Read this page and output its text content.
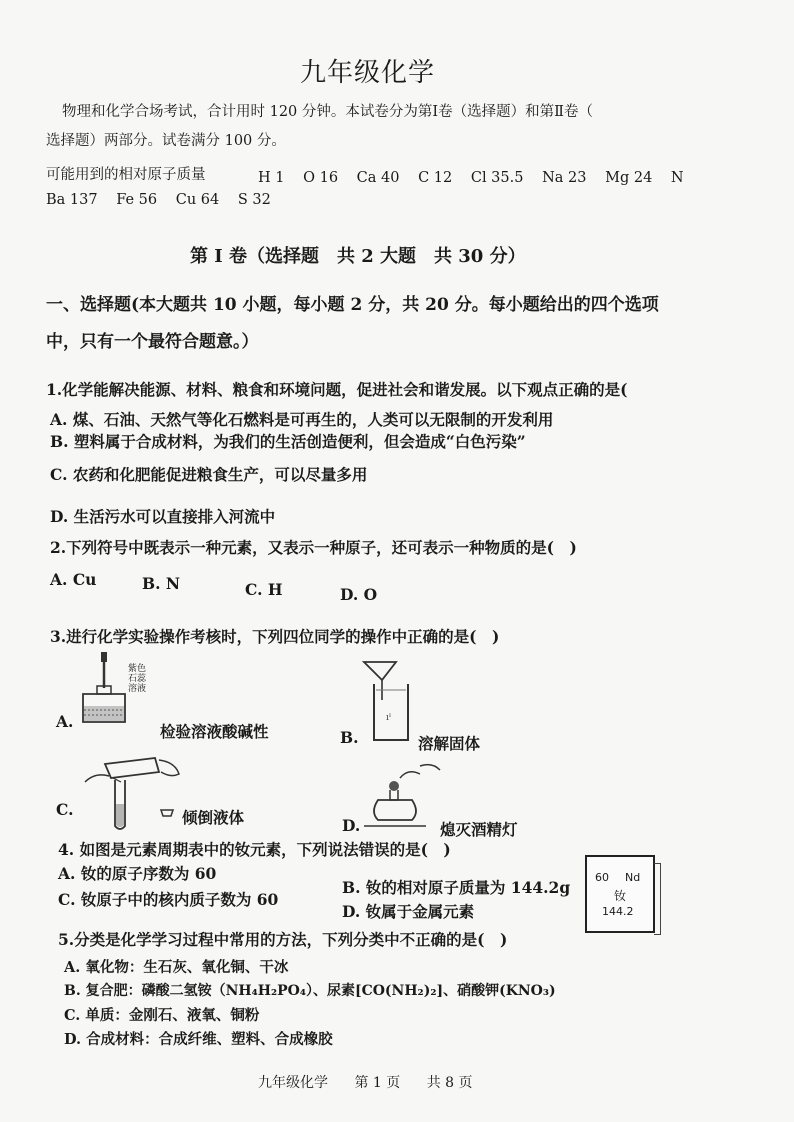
九年级化学
物理和化学合场考试，合计用时 120 分钟。本试卷分为第Ⅰ卷（选择题）和第Ⅱ卷（
选择题）两部分。试卷满分 100 分。
可能用到的相对原子质量	H 1 O 16 Ca 40 C 12 Cl 35.5 Na 23 Mg 24 N
Ba 137 Fe 56 Cu 64 S 32
第 Ⅰ 卷（选择题　共 2 大题　共 30 分）
一、选择题(本大题共 10 小题，每小题 2 分，共 20 分。每小题给出的四个选项
中，只有一个最符合题意。）
1.化学能解决能源、材料、粮食和环境问题，促进社会和谐发展。以下观点正确的是(
A. 煤、石油、天然气等化石燃料是可再生的，人类可以无限制的开发利用
B. 塑料属于合成材料，为我们的生活创造便利，但会造成“白色污染”
C. 农药和化肥能促进粮食生产，可以尽量多用
D. 生活污水可以直接排入河流中
2.下列符号中既表示一种元素，又表示一种原子，还可表示一种物质的是(　)
A. Cu	B. N	C. H	D. O
3.进行化学实验操作考核时，下列四位同学的操作中正确的是(　)
紫色
石蕊
溶液
A.
检验溶液酸碱性
ıᴵ
B.	溶解固体
C.	倾倒液体	D.	熄灭酒精灯
4. 如图是元素周期表中的钕元素，下列说法错误的是(　)
A. 钕的原子序数为 60
B. 钕的相对原子质量为 144.2g
C. 钕原子中的核内质子数为 60
D. 钕属于金属元素
60 Nd
钕
144.2
5.分类是化学学习过程中常用的方法，下列分类中不正确的是(　)
A. 氧化物：生石灰、氧化铜、干冰
B. 复合肥：磷酸二氢铵（NH₄H₂PO₄）、尿素[CO(NH₂)₂]、硝酸钾(KNO₃)
C. 单质：金刚石、液氧、铜粉
D. 合成材料：合成纤维、塑料、合成橡胶
九年级化学 第 1 页 共 8 页
